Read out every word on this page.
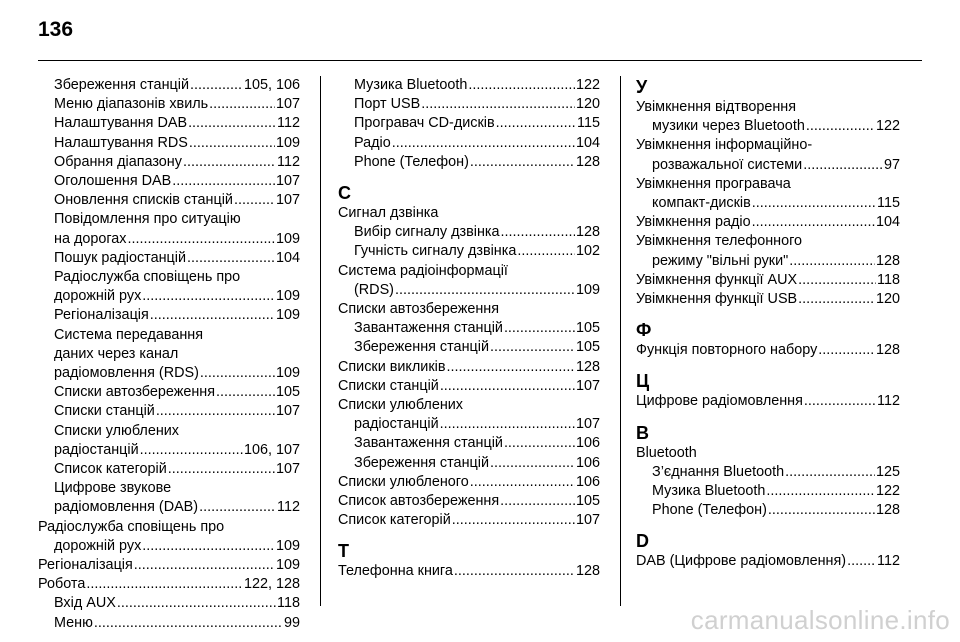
136
Збереження станцій .....	105, 106
Меню діапазонів хвиль .....	107
Налаштування DAB .....	112
Налаштування RDS .....	109
Обрання діапазону .....	112
Оголошення DAB .....	107
Оновлення списків станцій .....	107
Повідомлення про ситуацію
на дорогах .....	109
Пошук радіостанцій .....	104
Радіослужба сповіщень про
дорожній рух .....	109
Регіоналізація .....	109
Система передавання
даних через канал
радіомовлення (RDS) .....	109
Списки автозбереження .....	105
Списки станцій .....	107
Списки улюблених
радіостанцій .....	106, 107
Список категорій .....	107
Цифрове звукове
радіомовлення (DAB) .....	112
Радіослужба сповіщень про
дорожній рух .....	109
Регіоналізація .....	109
Робота .....	122, 128
Вхід AUX .....	118
Меню .....	99
Музика Bluetooth .....	122
Порт USB .....	120
Програвач CD-дисків .....	115
Радіо .....	104
Phone (Телефон) .....	128
С
Сигнал дзвінка
Вибір сигналу дзвінка .....	128
Гучність сигналу дзвінка .....	102
Система радіоінформації
(RDS) .....	109
Списки автозбереження
Завантаження станцій .....	105
Збереження станцій .....	105
Списки викликів .....	128
Списки станцій .....	107
Списки улюблених
радіостанцій .....	107
Завантаження станцій .....	106
Збереження станцій .....	106
Списки улюбленого .....	106
Список автозбереження .....	105
Список категорій .....	107
Т
Телефонна книга .....	128
У
Увімкнення відтворення
музики через Bluetooth .....	122
Увімкнення інформаційно-
розважальної системи .....	97
Увімкнення програвача
компакт-дисків .....	115
Увімкнення радіо .....	104
Увімкнення телефонного
режиму "вільні руки" .....	128
Увімкнення функції AUX .....	118
Увімкнення функції USB .....	120
Ф
Функція повторного набору .....	128
Ц
Цифрове радіомовлення .....	112
B
Bluetooth
З’єднання Bluetooth .....	125
Музика Bluetooth .....	122
Phone (Телефон) .....	128
D
DAB (Цифрове радіомовлення) ..... 112
carmanualsonline.info
